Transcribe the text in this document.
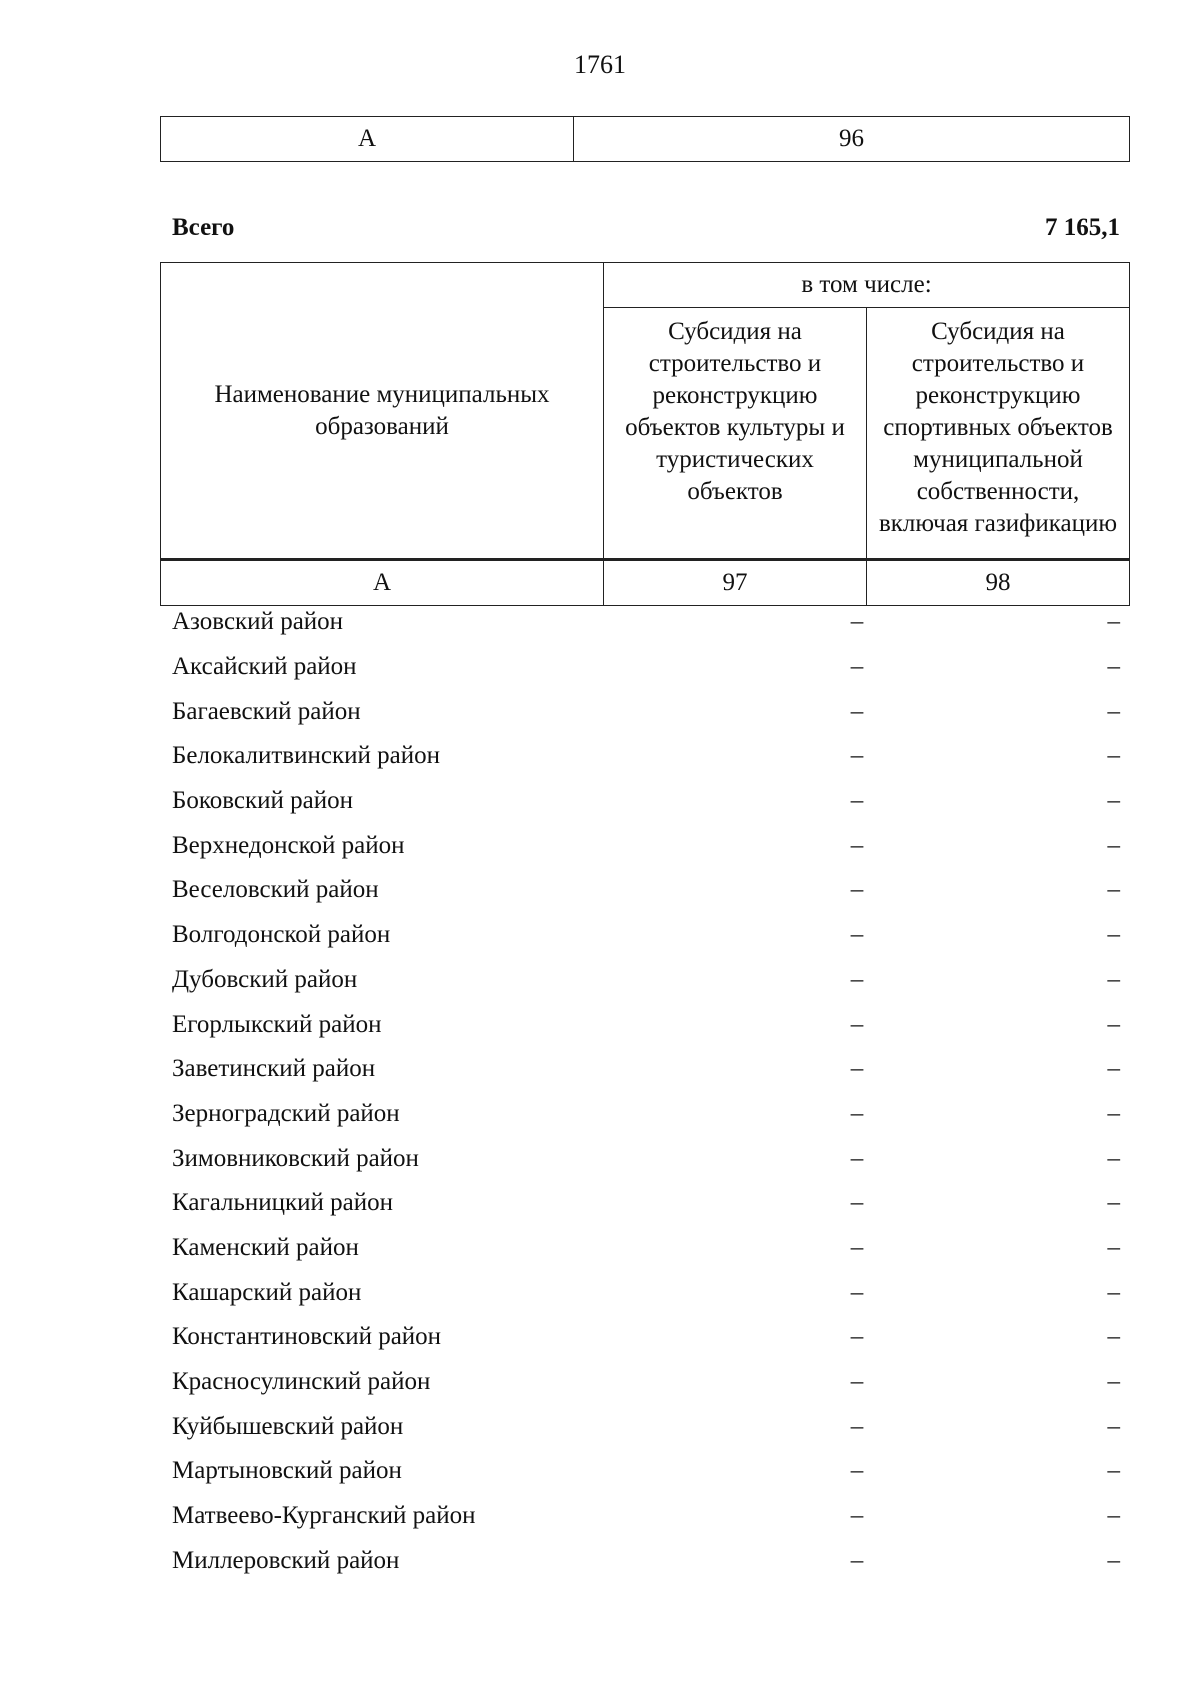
1761
А	96
Всего	7 165,1
Наименование муниципальных образований	в том числе:	
	Субсидия на строительство и реконструкцию объектов культуры и туристических объектов	Субсидия на строительство и реконструкцию спортивных объектов муниципальной собственности, включая газификацию
А	97	98
Азовский район	–	–
Аксайский район	–	–
Багаевский район	–	–
Белокалитвинский район	–	–
Боковский район	–	–
Верхнедонской район	–	–
Веселовский район	–	–
Волгодонской район	–	–
Дубовский район	–	–
Егорлыкский район	–	–
Заветинский район	–	–
Зерноградский район	–	–
Зимовниковский район	–	–
Кагальницкий район	–	–
Каменский район	–	–
Кашарский район	–	–
Константиновский район	–	–
Красносулинский район	–	–
Куйбышевский район	–	–
Мартыновский район	–	–
Матвеево-Курганский район	–	–
Миллеровский район	–	–
